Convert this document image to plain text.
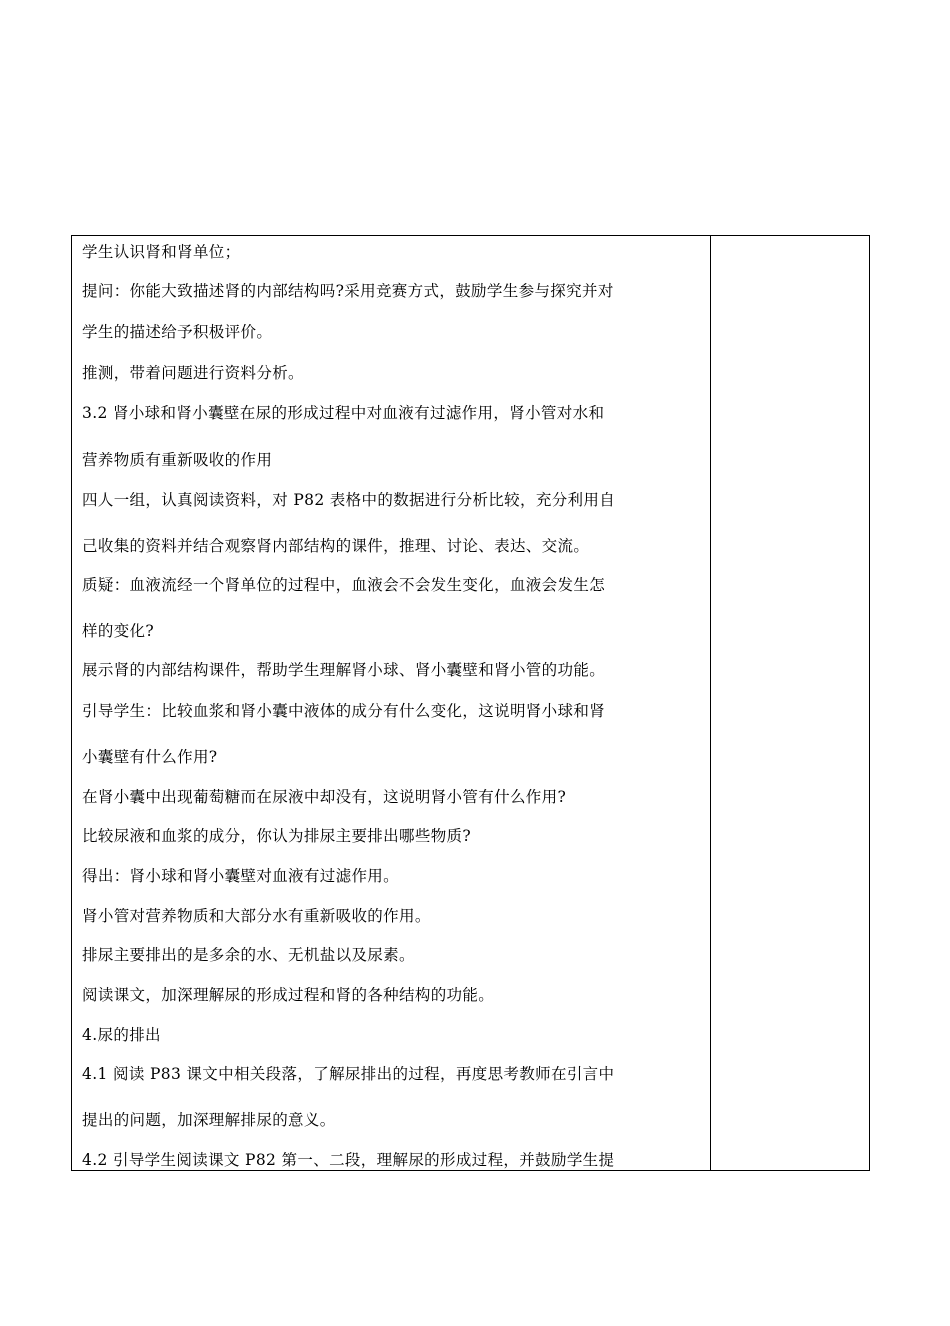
学生认识肾和肾单位；
提问：你能大致描述肾的内部结构吗?采用竞赛方式，鼓励学生参与探究并对
学生的描述给予积极评价。
推测，带着问题进行资料分析。
3.2 肾小球和肾小囊壁在尿的形成过程中对血液有过滤作用，肾小管对水和
营养物质有重新吸收的作用
四人一组，认真阅读资料，对 P82 表格中的数据进行分析比较，充分利用自
己收集的资料并结合观察肾内部结构的课件，推理、讨论、表达、交流。
质疑：血液流经一个肾单位的过程中，血液会不会发生变化，血液会发生怎
样的变化?
展示肾的内部结构课件，帮助学生理解肾小球、肾小囊壁和肾小管的功能。
引导学生：比较血浆和肾小囊中液体的成分有什么变化，这说明肾小球和肾
小囊壁有什么作用?
在肾小囊中出现葡萄糖而在尿液中却没有，这说明肾小管有什么作用?
比较尿液和血浆的成分，你认为排尿主要排出哪些物质?
得出：肾小球和肾小囊壁对血液有过滤作用。
肾小管对营养物质和大部分水有重新吸收的作用。
排尿主要排出的是多余的水、无机盐以及尿素。
阅读课文，加深理解尿的形成过程和肾的各种结构的功能。
4.尿的排出
4.1 阅读 P83 课文中相关段落，了解尿排出的过程，再度思考教师在引言中
提出的问题，加深理解排尿的意义。
4.2 引导学生阅读课文 P82 第一、二段，理解尿的形成过程，并鼓励学生提
